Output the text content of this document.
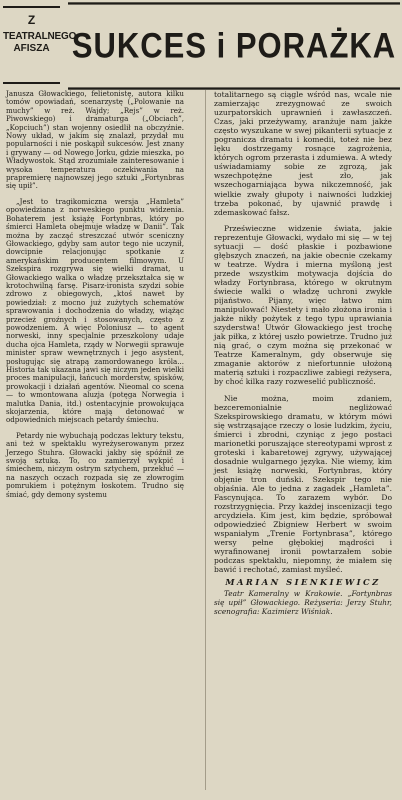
Z
TEATRALNEGO
AFISZA SUKCES i PORAŻKA

Janusza Głowackiego, felietonistę, autora kilku tomów opowiadań, scenarzystę („Polowanie na muchy” w reż. Wajdy; „Rejs” w reż. Piwowskiego) i dramaturga („Obciach”, „Kopciuch”) stan wojenny osiedlił na obczyźnie. Nowy układ, w jakim się znalazł, przydał mu popularności i nie poskąpił sukcesów. Jest znany i grywany — od Nowego Jorku, gdzie mieszka, po Władywostok. Stąd zrozumiałe zainteresowanie i wysoka temperatura oczekiwania na prapremierę najnowszej jego sztuki „Fortynbras się upił”.

„Jest to tragikomiczna wersja „Hamleta” opowiedziana z norweskiego punktu widzenia. Bohaterem jest książę Fortynbras, który po śmierci Hamleta obejmuje władzę w Danii”. Tak można by zacząć streszczać utwór sceniczny Głowackiego, gdyby sam autor tego nie uczynił, dowcipnie relacjonując spotkanie z amerykańskim producentem filmowym. U Szekspira rozgrywa się wielki dramat, u Głowackiego walka o władzę przekształca się w krotochwilną farsę. Pisarz-ironista szydzi sobie zdrowo z obiegowych, „ktoś nawet by powiedział: z mocno już zużytych schematów sprawowania i dochodzenia do władzy, wiążąc przecież groźnych i stosowanych, często z powodzeniem. A więc Poloniusz — to agent norweski, inny specjalnie przeszkolony udaje ducha ojca Hamleta, rządy w Norwegii sprawuje minister spraw wewnętrznych i jego asystent, posługując się atrapą zamordowanego króla... Historia tak ukazana jawi się niczym jeden wielki proces manipulacji, łańcuch morderstw, spisków, prowokacji i działań agentów. Nieomal co scena — to wmontowana aluzja (potęga Norwegia i malutka Dania, itd.) ostentacyjnie prowokująca skojarzenia, które mają detonować w odpowiednich miejscach petardy śmiechu.

Petardy nie wybuchają podczas lektury tekstu, ani też w spektaklu wyreżyserowanym przez Jerzego Stuhra. Głowacki jakby się spóźnił ze swoją sztuką. To, co zamierzył wykpić i śmiechem, niczym ostrym sztychem, przekłuć — na naszych oczach rozpada się ze złowrogim pomrukiem i potężnym łoskotem. Trudno się śmiać, gdy demony systemu

totalitarnego są ciągle wśród nas, wcale nie zamierzając zrezygnować ze swoich uzurpatorskich uprawnień i zawłaszczeń. Czas, jaki przeżywamy, aranżuje nam jakże często wyszukane w swej pikanterii sytuacje z pogranicza dramatu i komedii, toteż nie bez lęku dostrzegamy rosnące zagrożenia, których ogrom przerasta i zdumiewa. A wtedy uświadamiamy sobie ze zgrozą, jak wszechpotężne jest zło, jak wszechogarniająca bywa nikczemność, jak wielkie zwały głupoty i naiwności ludzkiej trzeba pokonać, by ujawnić prawdę i zdemaskować fałsz.

Prześwieczne widzenie świata, jakie reprezentuje Głowacki, wydało mi się — w tej sytuacji — dość płaskie i pozbawione głębszych znaczeń, na jakie obecnie czekamy w teatrze. Wydra i mierna myśloną jest przede wszystkim motywacja dojścia do władzy Fortynbrasa, którego w okrutnym świecie walki o władzę uchroni zwykłe pijaństwo. Pijany, więc łatwo nim manipulować! Niestety i mało złożona ironia i jakże nikły pożytek z tego typu uprawiania szyderstwa! Utwór Głowackiego jest trochę jak piłka, z której uszło powietrze. Trudno już nią grać, o czym można się przekonać w Teatrze Kameralnym, gdy obserwuje się zmaganie aktorów z niefortunnie ułożoną materią sztuki i rozpaczliwe zabiegi reżysera, by choć kilka razy rozweselić publiczność.

Nie można, moim zdaniem, bezceremonialnie negliżować Szekspirowskiego dramatu, w którym mówi się wstrząsające rzeczy o losie ludzkim, życiu, śmierci i zbrodni, czyniąc z jego postaci marionetki poruszające stereotypami wprost z groteski i kabaretowej zgrywy, używającej dosadnie wulgarnego języka. Nie wiemy, kim jest książę norweski, Fortynbras, który objęnie tron duński. Szekspir tego nie objaśnia. Ale to jedna z zagadek „Hamleta”. Fascynująca. To zarazem wybór. Do rozstrzygnięcia. Przy każdej inscenizacji tego arcydzieła. Kim jest, kim będzie, spróbował odpowiedzieć Zbigniew Herbert w swoim wspaniałym „Trenie Fortynbrasa”, którego wersy pełne głębokiej mądrości i wyrafinowanej ironii powtarzałem sobie podczas spektaklu, niepomny, że miałem się bawić i rechotać, zamiast myśleć.

MARIAN SIENKIEWICZ

Teatr Kameralny w Krakowie. „Fortynbras się upił” Głowackiego. Reżyseria: Jerzy Stuhr, scenografia: Kazimierz Wiśniak.
